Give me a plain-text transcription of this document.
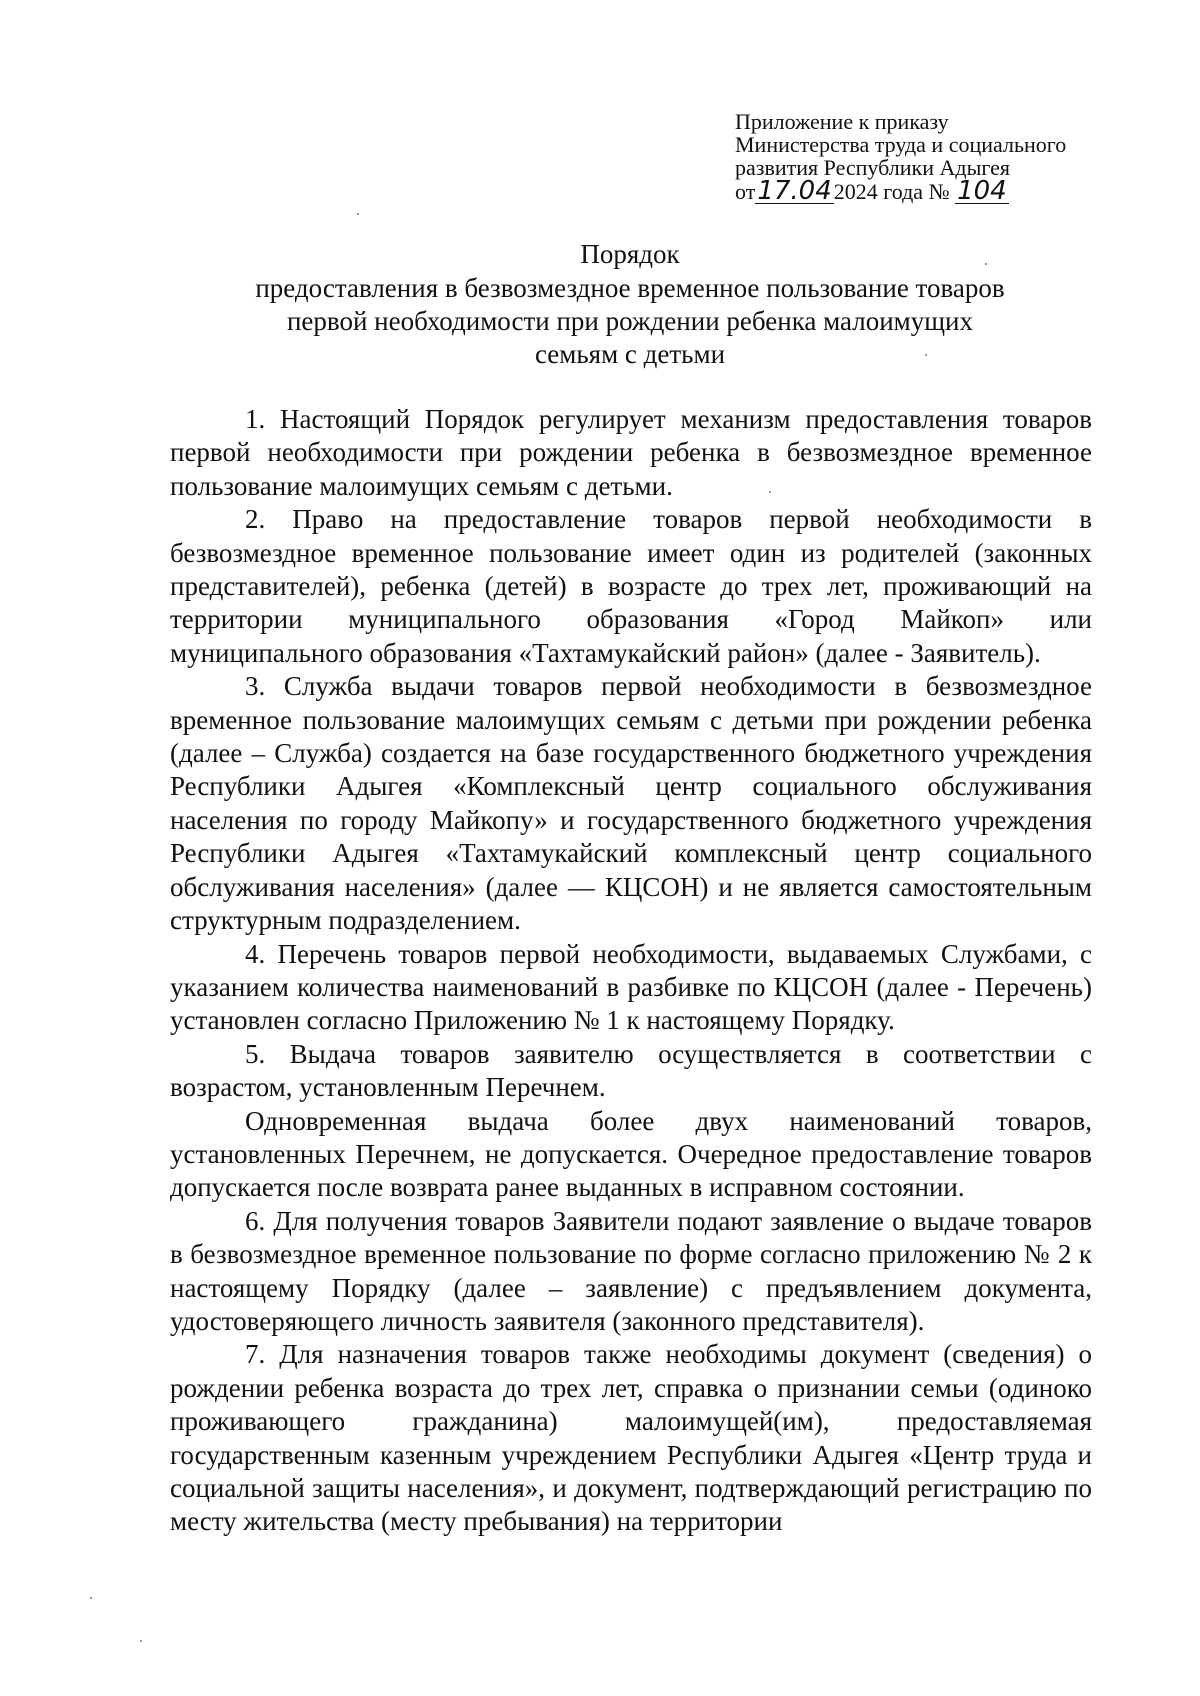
Приложение к приказу
Министерства труда и социального
развития Республики Адыгея
от17.042024 года № 104
Порядок
предоставления в безвозмездное временное пользование товаров
первой необходимости при рождении ребенка малоимущих
семьям с детьми

1. Настоящий Порядок регулирует механизм предоставления товаров первой необходимости при рождении ребенка в безвозмездное временное пользование малоимущих семьям с детьми.

2. Право на предоставление товаров первой необходимости в безвозмездное временное пользование имеет один из родителей (законных представителей), ребенка (детей) в возрасте до трех лет, проживающий на территории муниципального образования «Город Майкоп» или муниципального образования «Тахтамукайский район» (далее - Заявитель).

3. Служба выдачи товаров первой необходимости в безвозмездное временное пользование малоимущих семьям с детьми при рождении ребенка (далее – Служба) создается на базе государственного бюджетного учреждения Республики Адыгея «Комплексный центр социального обслуживания населения по городу Майкопу» и государственного бюджетного учреждения Республики Адыгея «Тахтамукайский комплексный центр социального обслуживания населения» (далее — КЦСОН) и не является самостоятельным структурным подразделением.

4. Перечень товаров первой необходимости, выдаваемых Службами, с указанием количества наименований в разбивке по КЦСОН (далее - Перечень) установлен согласно Приложению № 1 к настоящему Порядку.

5. Выдача товаров заявителю осуществляется в соответствии с возрастом, установленным Перечнем.

Одновременная выдача более двух наименований товаров, установленных Перечнем, не допускается. Очередное предоставление товаров допускается после возврата ранее выданных в исправном состоянии.

6. Для получения товаров Заявители подают заявление о выдаче товаров в безвозмездное временное пользование по форме согласно приложению № 2 к настоящему Порядку (далее – заявление) с предъявлением документа, удостоверяющего личность заявителя (законного представителя).

7. Для назначения товаров также необходимы документ (сведения) о рождении ребенка возраста до трех лет, справка о признании семьи (одиноко проживающего гражданина) малоимущей(им), предоставляемая государственным казенным учреждением Республики Адыгея «Центр труда и социальной защиты населения», и документ, подтверждающий регистрацию по месту жительства (месту пребывания) на территории
